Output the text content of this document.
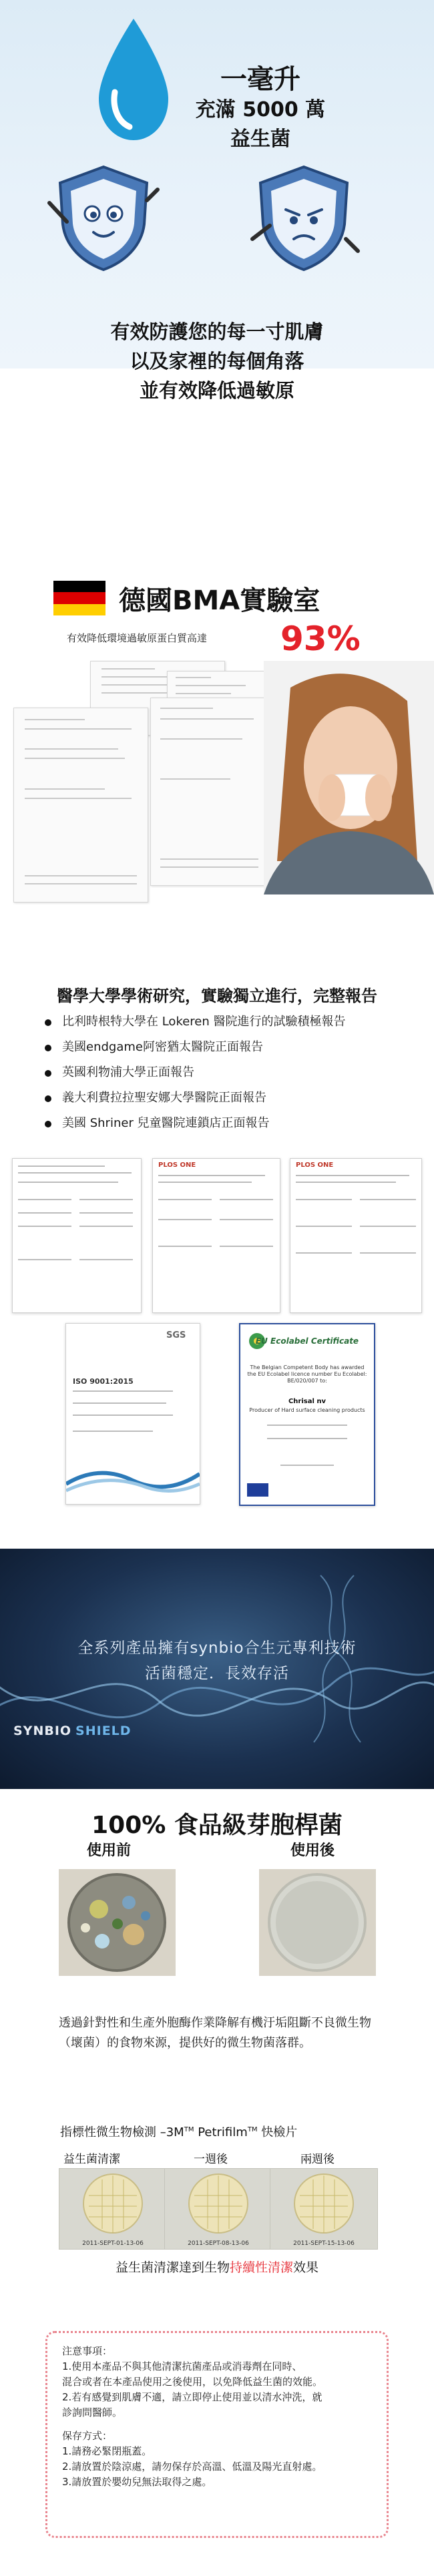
一毫升
充滿 5000 萬
益生菌
有效防護您的每一寸肌膚
以及家裡的每個角落
並有效降低過敏原
德國BMA實驗室
有效降低環境過敏原蛋白質高達 93%
醫學大學學術研究，實驗獨立進行，完整報告
比利時根特大學在 Lokeren 醫院進行的試驗積極報告
美國endgame阿密猶太醫院正面報告
英國利物浦大學正面報告
義大利費拉拉聖安娜大學醫院正面報告
美國 Shriner 兒童醫院連鎖店正面報告
PLOS ONE	PLOS ONE
SGS
ISO 9001:2015
EU Ecolabel Certificate
The Belgian Competent Body has awarded the EU Ecolabel licence number Eu Ecolabel: BE/020/007 to:
Chrisal nv
Producer of Hard surface cleaning products
全系列產品擁有synbio合生元專利技術
活菌穩定．長效存活
SYNBIO SHIELD
100% 食品級芽胞桿菌
使用前	使用後
透過針對性和生產外胞酶作業降解有機汙垢阻斷不良微生物（壞菌）的食物來源，提供好的微生物菌落群。
指標性微生物檢測 –3M™ Petrifilm™ 快檢片
益生菌清潔	一週後	兩週後
2011-SEPT-01-13-06	2011-SEPT-08-13-06	2011-SEPT-15-13-06
益生菌清潔達到生物持續性清潔效果

注意事項：

1.使用本產品不與其他清潔抗菌產品或消毒劑在同時、

混合或者在本產品使用之後使用，以免降低益生菌的效能。

2.若有感覺到肌膚不適，請立即停止使用並以清水沖洗，就

診詢問醫師。

保存方式：

1.請務必緊閉瓶蓋。

2.請放置於陰涼處，請勿保存於高溫、低溫及陽光直射處。

3.請放置於嬰幼兒無法取得之處。
